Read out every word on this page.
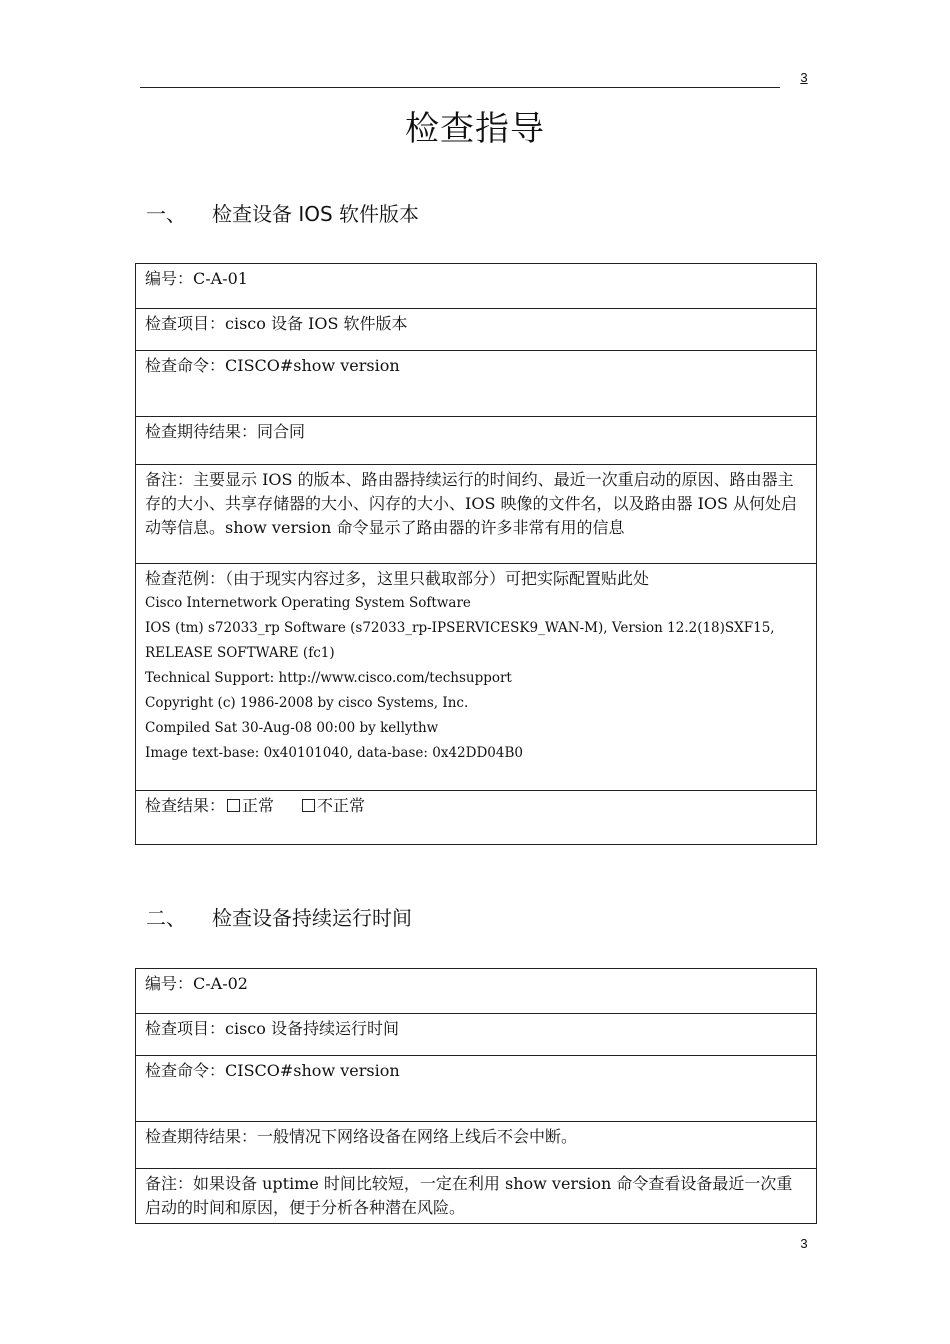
3
检查指导
一、 检查设备 IOS 软件版本
编号：C-A-01
检查项目：cisco 设备 IOS 软件版本
检查命令：CISCO#show version
检查期待结果：同合同
备注：主要显示 IOS 的版本、路由器持续运行的时间约、最近一次重启动的原因、路由器主存的大小、共享存储器的大小、闪存的大小、IOS 映像的文件名，以及路由器 IOS 从何处启动等信息。show version 命令显示了路由器的许多非常有用的信息
检查范例：（由于现实内容过多，这里只截取部分）可把实际配置贴此处
Cisco Internetwork Operating System Software
IOS (tm) s72033_rp Software (s72033_rp-IPSERVICESK9_WAN-M), Version 12.2(18)SXF15,
RELEASE SOFTWARE (fc1)
Technical Support: http://www.cisco.com/techsupport
Copyright (c) 1986-2008 by cisco Systems, Inc.
Compiled Sat 30-Aug-08 00:00 by kellythw
Image text-base: 0x40101040, data-base: 0x42DD04B0

检查结果： 正常	不正常
二、 检查设备持续运行时间
编号：C-A-02
检查项目：cisco 设备持续运行时间
检查命令：CISCO#show version
检查期待结果：一般情况下网络设备在网络上线后不会中断。
备注：如果设备 uptime 时间比较短，一定在利用 show version 命令查看设备最近一次重启动的时间和原因，便于分析各种潜在风险。
3
